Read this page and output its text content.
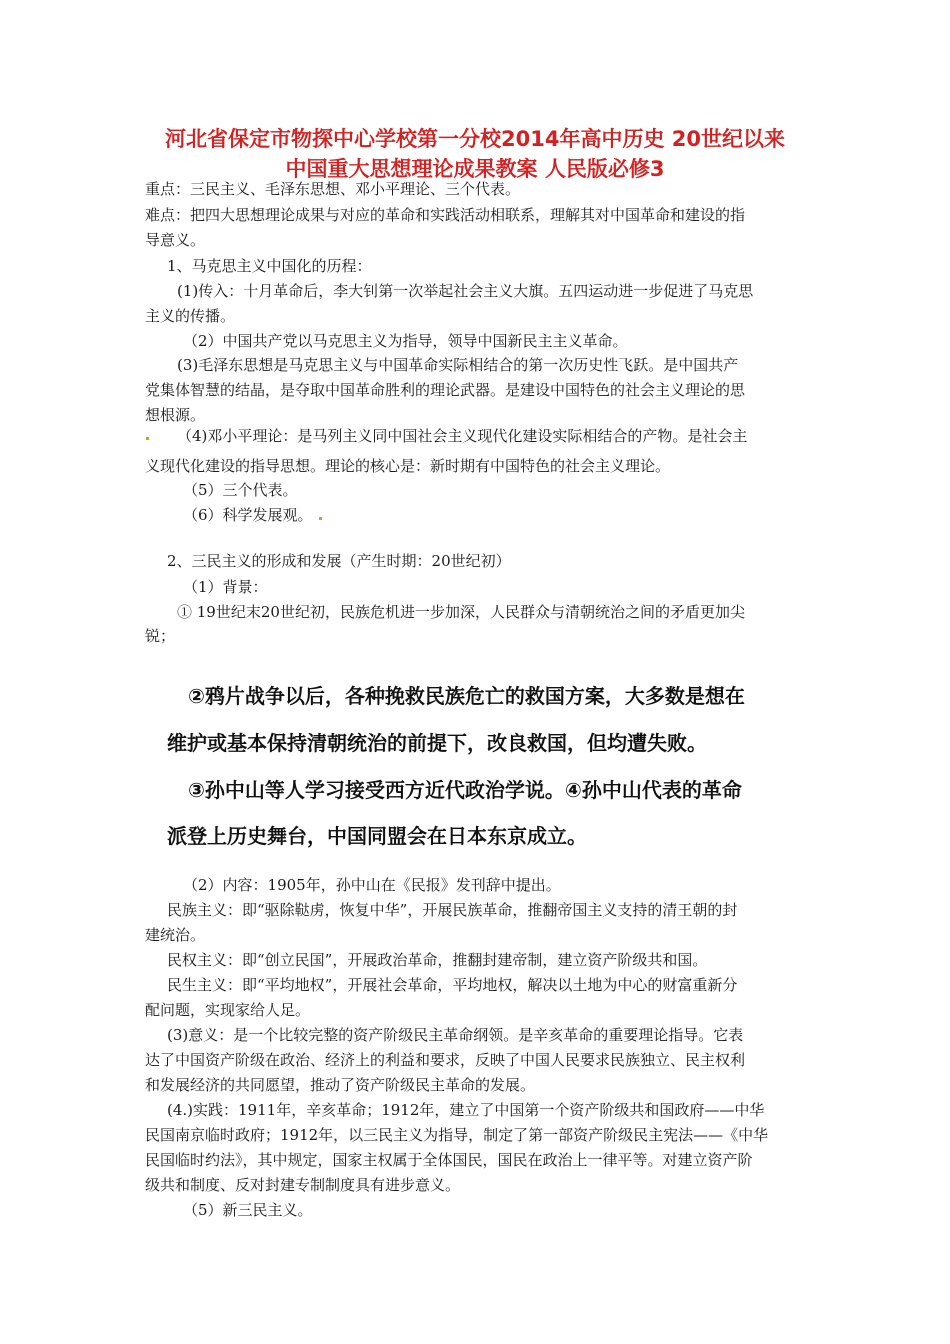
河北省保定市物探中心学校第一分校2014年高中历史 20世纪以来
中国重大思想理论成果教案 人民版必修3
重点：三民主义、毛泽东思想、邓小平理论、三个代表。
难点：把四大思想理论成果与对应的革命和实践活动相联系，理解其对中国革命和建设的指
导意义。
1、马克思主义中国化的历程：
(1)传入：十月革命后，李大钊第一次举起社会主义大旗。五四运动进一步促进了马克思
主义的传播。
（2）中国共产党以马克思主义为指导，领导中国新民主主义革命。
(3)毛泽东思想是马克思主义与中国革命实际相结合的第一次历史性飞跃。是中国共产
党集体智慧的结晶，是夺取中国革命胜利的理论武器。是建设中国特色的社会主义理论的思
想根源。
（4)邓小平理论：是马列主义同中国社会主义现代化建设实际相结合的产物。是社会主
义现代化建设的指导思想。理论的核心是：新时期有中国特色的社会主义理论。
（5）三个代表。
（6）科学发展观。
2、三民主义的形成和发展（产生时期：20世纪初）
（1）背景：
① 19世纪末20世纪初，民族危机进一步加深，人民群众与清朝统治之间的矛盾更加尖
锐；
②鸦片战争以后，各种挽救民族危亡的救国方案，大多数是想在
维护或基本保持清朝统治的前提下，改良救国，但均遭失败。
③孙中山等人学习接受西方近代政治学说。④孙中山代表的革命
派登上历史舞台，中国同盟会在日本东京成立。
（2）内容：1905年，孙中山在《民报》发刊辞中提出。
民族主义：即“驱除鞑虏，恢复中华”，开展民族革命，推翻帝国主义支持的清王朝的封
建统治。
民权主义：即“创立民国”，开展政治革命，推翻封建帝制，建立资产阶级共和国。
民生主义：即“平均地权”，开展社会革命，平均地权，解决以土地为中心的财富重新分
配问题，实现家给人足。
(3)意义：是一个比较完整的资产阶级民主革命纲领。是辛亥革命的重要理论指导。它表
达了中国资产阶级在政治、经济上的利益和要求，反映了中国人民要求民族独立、民主权利
和发展经济的共同愿望，推动了资产阶级民主革命的发展。
(4.)实践：1911年，辛亥革命；1912年，建立了中国第一个资产阶级共和国政府——中华
民国南京临时政府；1912年，以三民主义为指导，制定了第一部资产阶级民主宪法——《中华
民国临时约法》，其中规定，国家主权属于全体国民，国民在政治上一律平等。对建立资产阶
级共和制度、反对封建专制制度具有进步意义。
（5）新三民主义。
